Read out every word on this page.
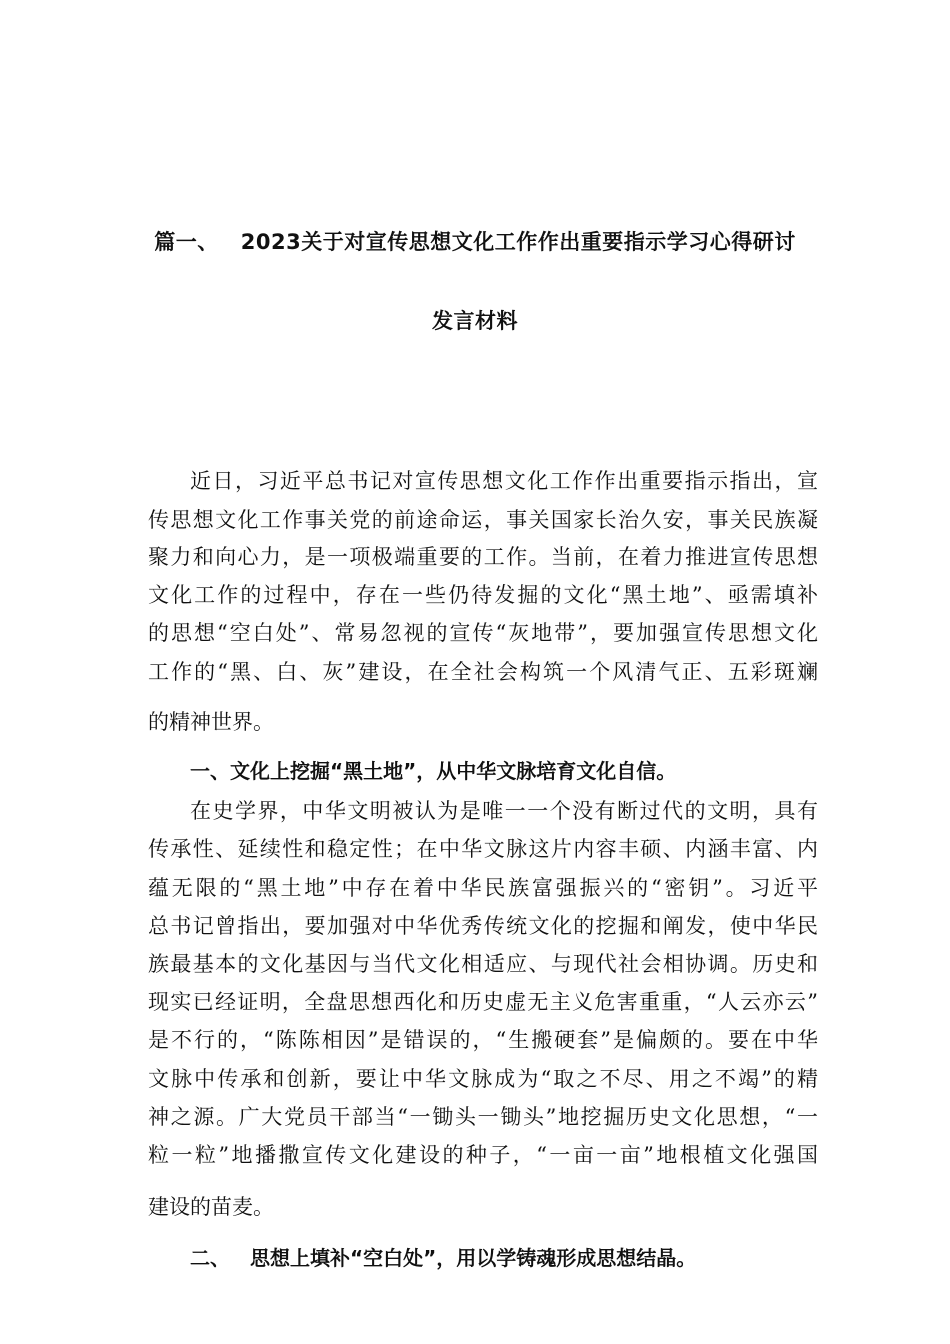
篇一、 2023关于对宣传思想文化工作作出重要指示学习心得研讨
发言材料
近日，习近平总书记对宣传思想文化工作作出重要指示指出，宣
传思想文化工作事关党的前途命运，事关国家长治久安，事关民族凝
聚力和向心力，是一项极端重要的工作。当前，在着力推进宣传思想
文化工作的过程中，存在一些仍待发掘的文化“黑土地”、亟需填补
的思想“空白处”、常易忽视的宣传“灰地带”，要加强宣传思想文化
工作的“黑、白、灰”建设，在全社会构筑一个风清气正、五彩斑斓
的精神世界。
一、文化上挖掘“黑土地”，从中华文脉培育文化自信。
在史学界，中华文明被认为是唯一一个没有断过代的文明，具有
传承性、延续性和稳定性；在中华文脉这片内容丰硕、内涵丰富、内
蕴无限的“黑土地”中存在着中华民族富强振兴的“密钥”。习近平
总书记曾指出，要加强对中华优秀传统文化的挖掘和阐发，使中华民
族最基本的文化基因与当代文化相适应、与现代社会相协调。历史和
现实已经证明，全盘思想西化和历史虚无主义危害重重，“人云亦云”
是不行的，“陈陈相因”是错误的，“生搬硬套”是偏颇的。要在中华
文脉中传承和创新，要让中华文脉成为“取之不尽、用之不竭”的精
神之源。广大党员干部当“一锄头一锄头”地挖掘历史文化思想，“一
粒一粒”地播撒宣传文化建设的种子，“一亩一亩”地根植文化强国
建设的苗麦。
二、 思想上填补“空白处”，用以学铸魂形成思想结晶。
